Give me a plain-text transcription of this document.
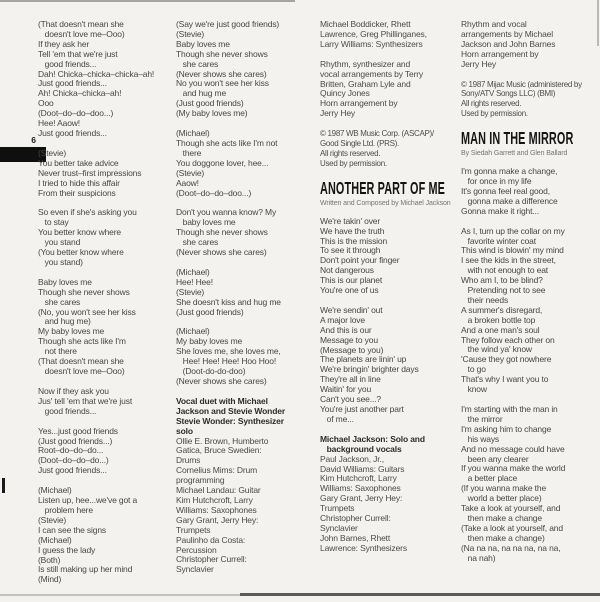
6
(That doesn't mean she
doesn't love me–Ooo)
If they ask her
Tell 'em that we're just
good friends...
Dah! Chicka–chicka–chicka–ah!
Just good friends...
Ah! Chicka–chicka–ah!
Ooo
(Doot–do–do–doo...)
Hee! Aaow!
Just good friends...
(Stevie)
You better take advice
Never trust–first impressions
I tried to hide this affair
From their suspicions
So even if she's asking you
to stay
You better know where
you stand
(You better know where
you stand)
Baby loves me
Though she never shows
she cares
(No, you won't see her kiss
and hug me)
My baby loves me
Though she acts like I'm
not there
(That doesn't mean she
doesn't love me–Ooo)
Now if they ask you
Jus' tell 'em that we're just
good friends...
Yes...just good friends
(Just good friends...)
Root–do–do–do...
(Doot–do–do–do...)
Just good friends...
(Michael)
Listen up, hee...we've got a
problem here
(Stevie)
I can see the signs
(Michael)
I guess the lady
(Both)
Is still making up her mind
(Mind)
(Say we're just good friends)
(Stevie)
Baby loves me
Though she never shows
she cares
(Never shows she cares)
No you won't see her kiss
and hug me
(Just good friends)
(My baby loves me)
(Michael)
Though she acts like I'm not
there
You doggone lover, hee...
(Stevie)
Aaow!
(Doot–do–do–doo...)
Don't you wanna know? My
baby loves me
Though she never shows
she cares
(Never shows she cares)
(Michael)
Hee! Hee!
(Stevie)
She doesn't kiss and hug me
(Just good friends)
(Michael)
My baby loves me
She loves me, she loves me,
Hee! Hee! Hee! Hoo Hoo!
(Doot-do-do-doo)
(Never shows she cares)
Vocal duet with Michael
Jackson and Stevie Wonder
Stevie Wonder: Synthesizer
solo
Ollie E. Brown, Humberto
Gatica, Bruce Swedien:
Drums
Cornelius Mims: Drum
programming
Michael Landau: Guitar
Kim Hutchcroft, Larry
Williams: Saxophones
Gary Grant, Jerry Hey:
Trumpets
Paulinho da Costa:
Percussion
Christopher Currell:
Synclavier
Michael Boddicker, Rhett
Lawrence, Greg Phillinganes,
Larry Williams: Synthesizers
Rhythm, synthesizer and
vocal arrangements by Terry
Britten, Graham Lyle and
Quincy Jones
Horn arrangement by
Jerry Hey
© 1987 WB Music Corp. (ASCAP)/
Good Single Ltd. (PRS).
All rights reserved.
Used by permission.
ANOTHER PART OF ME
Written and Composed by Michael Jackson
We're takin' over
We have the truth
This is the mission
To see it through
Don't point your finger
Not dangerous
This is our planet
You're one of us
We're sendin' out
A major love
And this is our
Message to you
(Message to you)
The planets are linin' up
We're bringin' brighter days
They're all in line
Waitin' for you
Can't you see...?
You're just another part
of me...
Michael Jackson: Solo and
background vocals
Paul Jackson, Jr.,
David Williams: Guitars
Kim Hutchcroft, Larry
Williams: Saxophones
Gary Grant, Jerry Hey:
Trumpets
Christopher Currell:
Synclavier
John Barnes, Rhett
Lawrence: Synthesizers
Rhythm and vocal
arrangements by Michael
Jackson and John Barnes
Horn arrangement by
Jerry Hey
© 1987 Mijac Music (administered by
Sony/ATV Songs LLC) (BMI)
All rights reserved.
Used by permission.
MAN IN THE MIRROR
By Siedah Garrett and Glen Ballard
I'm gonna make a change,
for once in my life
It's gonna feel real good,
gonna make a difference
Gonna make it right...
As I, turn up the collar on my
favorite winter coat
This wind is blowin' my mind
I see the kids in the street,
with not enough to eat
Who am I, to be blind?
Pretending not to see
their needs
A summer's disregard,
a broken bottle top
And a one man's soul
They follow each other on
the wind ya' know
'Cause they got nowhere
to go
That's why I want you to
know
I'm starting with the man in
the mirror
I'm asking him to change
his ways
And no message could have
been any clearer
If you wanna make the world
a better place
(If you wanna make the
world a better place)
Take a look at yourself, and
then make a change
(Take a look at yourself, and
then make a change)
(Na na na, na na na, na na,
na nah)
